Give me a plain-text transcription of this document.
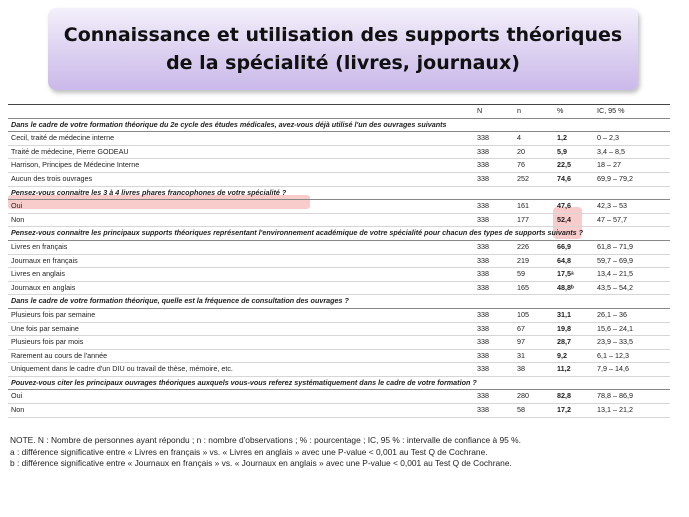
Connaissance et utilisation des supports théoriques de la spécialité (livres, journaux)
	N	n	%	IC, 95 %
Dans le cadre de votre formation théorique du 2e cycle des études médicales, avez-vous déjà utilisé l'un des ouvrages suivants				
Cecil, traité de médecine interne	338	4	1,2	0 – 2,3
Traité de médecine, Pierre GODEAU	338	20	5,9	3,4 – 8,5
Harrison, Principes de Médecine Interne	338	76	22,5	18 – 27
Aucun des trois ouvrages	338	252	74,6	69,9 – 79,2
Pensez-vous connaitre les 3 à 4 livres phares francophones de votre spécialité ?				
Oui	338	161	47,6	42,3 – 53
Non	338	177	52,4	47 – 57,7
Pensez-vous connaitre les principaux supports théoriques représentant l'environnement académique de votre spécialité pour chacun des types de supports suivants ?				
Livres en français	338	226	66,9	61,8 – 71,9
Journaux en français	338	219	64,8	59,7 – 69,9
Livres en anglais	338	59	17,5ᵃ	13,4 – 21,5
Journaux en anglais	338	165	48,8ᵇ	43,5 – 54,2
Dans le cadre de votre formation théorique, quelle est la fréquence de consultation des ouvrages ?				
Plusieurs fois par semaine	338	105	31,1	26,1 – 36
Une fois par semaine	338	67	19,8	15,6 – 24,1
Plusieurs fois par mois	338	97	28,7	23,9 – 33,5
Rarement au cours de l'année	338	31	9,2	6,1 – 12,3
Uniquement dans le cadre d'un DIU ou travail de thèse, mémoire, etc.	338	38	11,2	7,9 – 14,6
Pouvez-vous citer les principaux ouvrages théoriques auxquels vous-vous referez systématiquement dans le cadre de votre formation ?				
Oui	338	280	82,8	78,8 – 86,9
Non	338	58	17,2	13,1 – 21,2
NOTE. N : Nombre de personnes ayant répondu ; n : nombre d'observations ; % : pourcentage ; IC, 95 % : intervalle de confiance à 95 %.
a : différence significative entre « Livres en français » vs. « Livres en anglais » avec une P-value < 0,001 au Test Q de Cochrane.
b : différence significative entre « Journaux en français » vs. « Journaux en anglais » avec une P-value < 0,001 au Test Q de Cochrane.
